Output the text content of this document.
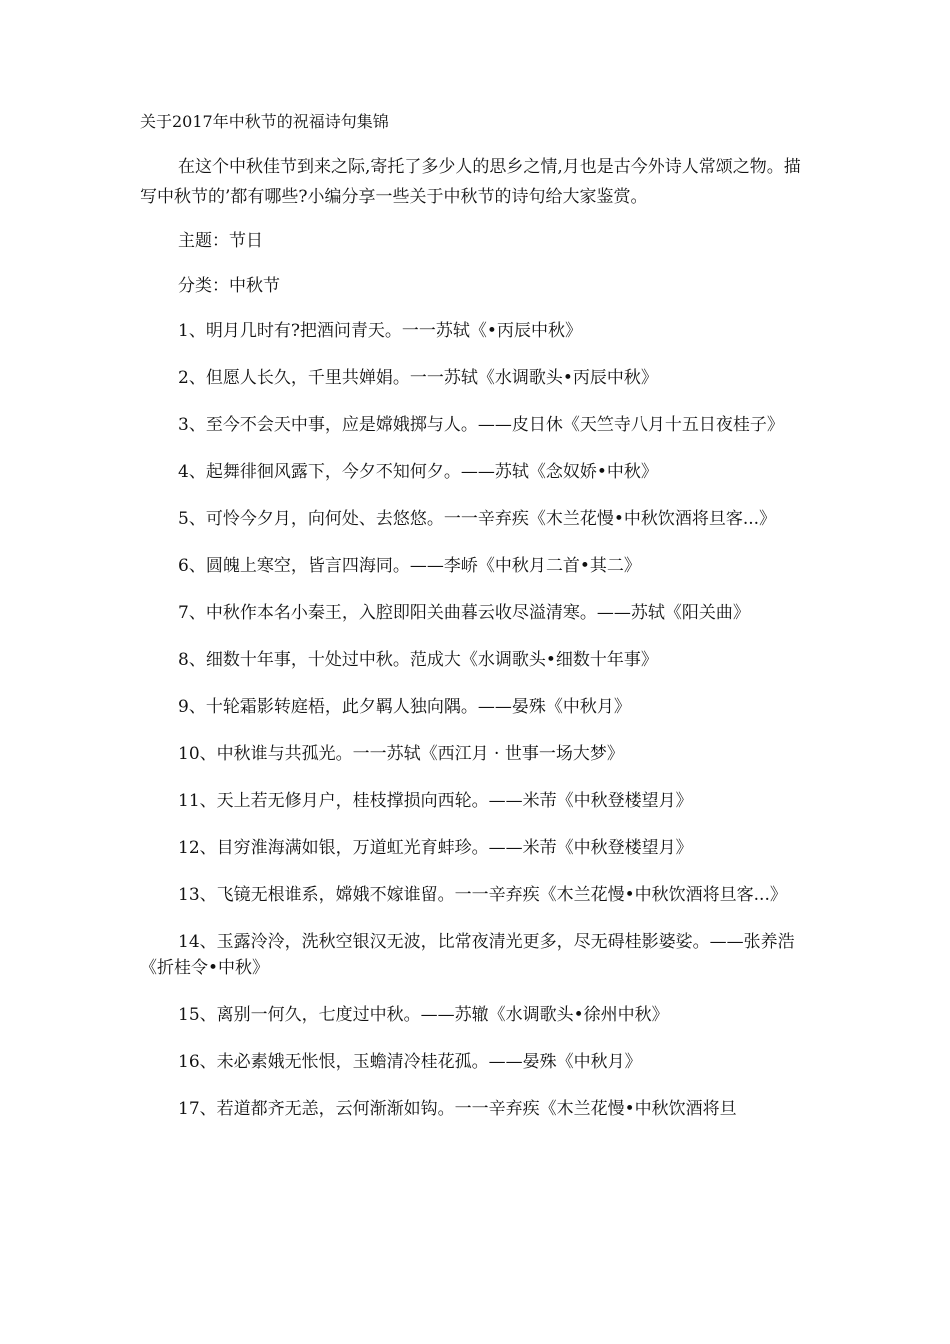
关于2017年中秋节的祝福诗句集锦
在这个中秋佳节到来之际,寄托了多少人的思乡之情,月也是古今外诗人常颂之物。描写中秋节的’都有哪些?小编分享一些关于中秋节的诗句给大家鉴赏。
主题：节日
分类：中秋节
1、明月几时有?把酒问青天。一一苏轼《•丙辰中秋》
2、但愿人长久，千里共婵娟。一一苏轼《水调歌头•丙辰中秋》
3、至今不会天中事，应是嫦娥掷与人。——皮日休《天竺寺八月十五日夜桂子》
4、起舞徘徊风露下，今夕不知何夕。——苏轼《念奴娇•中秋》
5、可怜今夕月，向何处、去悠悠。一一辛弃疾《木兰花慢•中秋饮酒将旦客...》
6、圆魄上寒空，皆言四海同。——李峤《中秋月二首•其二》
7、中秋作本名小秦王，入腔即阳关曲暮云收尽溢清寒。——苏轼《阳关曲》
8、细数十年事，十处过中秋。范成大《水调歌头•细数十年事》
9、十轮霜影转庭梧，此夕羁人独向隅。——晏殊《中秋月》
10、中秋谁与共孤光。一一苏轼《西江月 · 世事一场大梦》
11、天上若无修月户，桂枝撑损向西轮。——米芾《中秋登楼望月》
12、目穷淮海满如银，万道虹光育蚌珍。——米芾《中秋登楼望月》
13、飞镜无根谁系，嫦娥不嫁谁留。一一辛弃疾《木兰花慢•中秋饮酒将旦客...》
14、玉露泠泠，洗秋空银汉无波，比常夜清光更多，尽无碍桂影婆娑。——张养浩《折桂令•中秋》
15、离别一何久，七度过中秋。——苏辙《水调歌头•徐州中秋》
16、未必素娥无怅恨，玉蟾清冷桂花孤。——晏殊《中秋月》
17、若道都齐无恙，云何渐渐如钩。一一辛弃疾《木兰花慢•中秋饮酒将旦
